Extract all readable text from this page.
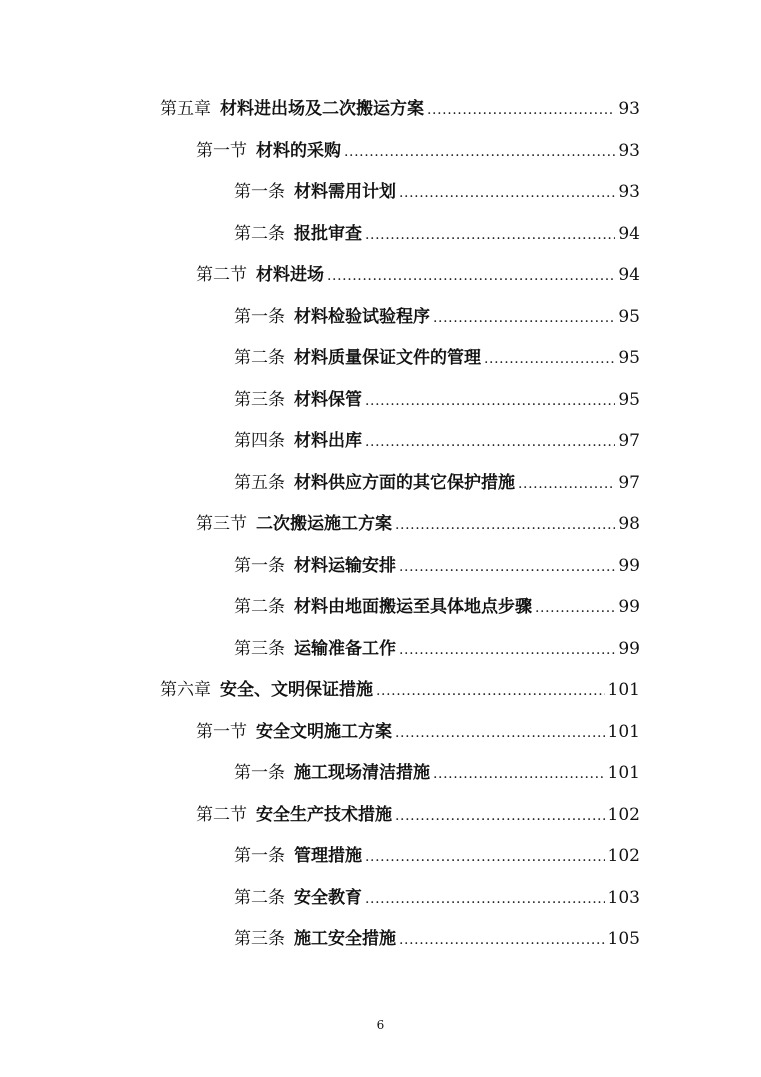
第五章 材料进出场及二次搬运方案 .....	93
第一节 材料的采购 .....	93
第一条 材料需用计划 .....	93
第二条 报批审查 .....	94
第二节 材料进场 .....	94
第一条 材料检验试验程序 .....	95
第二条 材料质量保证文件的管理 .....	95
第三条 材料保管 .....	95
第四条 材料出库 .....	97
第五条 材料供应方面的其它保护措施 .....	97
第三节 二次搬运施工方案 .....	98
第一条 材料运输安排 .....	99
第二条 材料由地面搬运至具体地点步骤 .....	99
第三条 运输准备工作 .....	99
第六章 安全、文明保证措施 .....	101
第一节 安全文明施工方案 .....	101
第一条 施工现场清洁措施 .....	101
第二节 安全生产技术措施 .....	102
第一条 管理措施 .....	102
第二条 安全教育 .....	103
第三条 施工安全措施 .....	105
6
